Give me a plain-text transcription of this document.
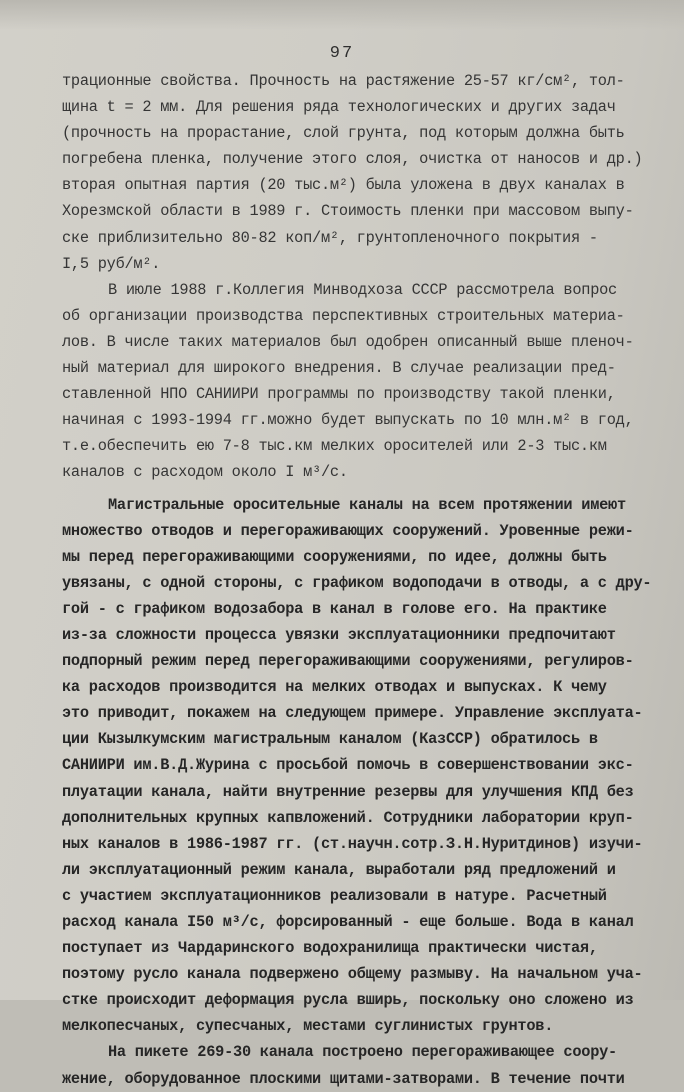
97
трационные свойства. Прочность на растяжение 25-57 кг/см², тол-
щина t = 2 мм. Для решения ряда технологических и других задач
(прочность на прорастание, слой грунта, под которым должна быть
погребена пленка, получение этого слоя, очистка от наносов и др.)
вторая опытная партия (20 тыс.м²) была уложена в двух каналах в
Хорезмской области в 1989 г. Стоимость пленки при массовом выпу-
ске приблизительно 80-82 коп/м², грунтопленочного покрытия -
I,5 руб/м².
В июле 1988 г.Коллегия Минводхоза СССР рассмотрела вопрос
об организации производства перспективных строительных материа-
лов. В числе таких материалов был одобрен описанный выше пленоч-
ный материал для широкого внедрения. В случае реализации пред-
ставленной НПО САНИИРИ программы по производству такой пленки,
начиная с 1993-1994 гг.можно будет выпускать по 10 млн.м² в год,
т.е.обеспечить ею 7-8 тыс.км мелких оросителей или 2-3 тыс.км
каналов с расходом около I м³/с.
Магистральные оросительные каналы на всем протяжении имеют
множество отводов и перегораживающих сооружений. Уровенные режи-
мы перед перегораживающими сооружениями, по идее, должны быть
увязаны, с одной стороны, с графиком водоподачи в отводы, а с дру-
гой - с графиком водозабора в канал в голове его. На практике
из-за сложности процесса увязки эксплуатационники предпочитают
подпорный режим перед перегораживающими сооружениями, регулиров-
ка расходов производится на мелких отводах и выпусках. К чему
это приводит, покажем на следующем примере. Управление эксплуата-
ции Кызылкумским магистральным каналом (КазССР) обратилось в
САНИИРИ им.В.Д.Журина с просьбой помочь в совершенствовании экс-
плуатации канала, найти внутренние резервы для улучшения КПД без
дополнительных крупных капвложений. Сотрудники лаборатории круп-
ных каналов в 1986-1987 гг. (ст.научн.сотр.З.Н.Нуритдинов) изучи-
ли эксплуатационный режим канала, выработали ряд предложений и
с участием эксплуатационников реализовали в натуре. Расчетный
расход канала I50 м³/с, форсированный - еще больше. Вода в канал
поступает из Чардаринского водохранилища практически чистая,
поэтому русло канала подвержено общему размыву. На начальном уча-
стке происходит деформация русла вширь, поскольку оно сложено из
мелкопесчаных, супесчаных, местами суглинистых грунтов.
На пикете 269-30 канала построено перегораживающее соору-
жение, оборудованное плоскими щитами-затворами. В течение почти
